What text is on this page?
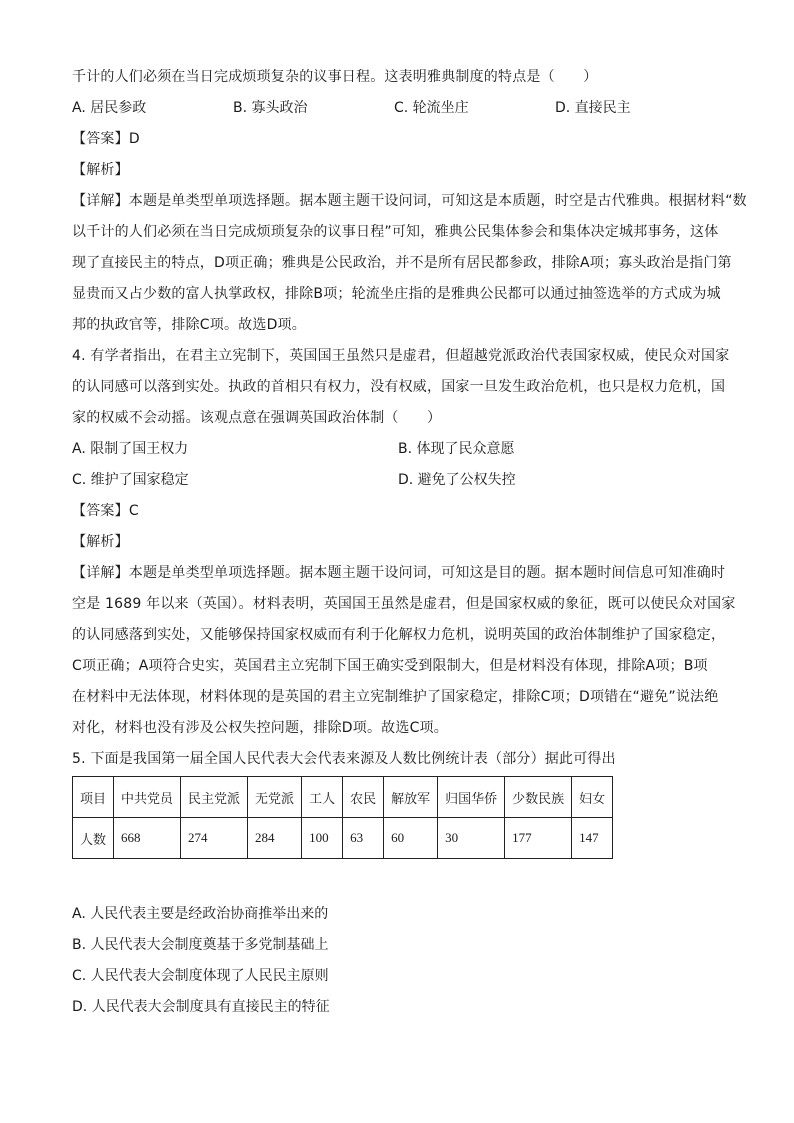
千计的人们必须在当日完成烦琐复杂的议事日程。这表明雅典制度的特点是（　　）
A. 居民参政	B. 寡头政治	C. 轮流坐庄	D. 直接民主
【答案】D
【解析】
【详解】本题是单类型单项选择题。据本题主题干设问词，可知这是本质题，时空是古代雅典。根据材料“数
以千计的人们必须在当日完成烦琐复杂的议事日程”可知，雅典公民集体参会和集体决定城邦事务，这体
现了直接民主的特点，D项正确；雅典是公民政治，并不是所有居民都参政，排除A项；寡头政治是指门第
显贵而又占少数的富人执掌政权，排除B项；轮流坐庄指的是雅典公民都可以通过抽签选举的方式成为城
邦的执政官等，排除C项。故选D项。
4. 有学者指出，在君主立宪制下，英国国王虽然只是虚君，但超越党派政治代表国家权威，使民众对国家
的认同感可以落到实处。执政的首相只有权力，没有权威，国家一旦发生政治危机，也只是权力危机，国
家的权威不会动摇。该观点意在强调英国政治体制（　　）
A. 限制了国王权力	B. 体现了民众意愿
C. 维护了国家稳定	D. 避免了公权失控
【答案】C
【解析】
【详解】本题是单类型单项选择题。据本题主题干设问词，可知这是目的题。据本题时间信息可知准确时
空是 1689 年以来（英国）。材料表明，英国国王虽然是虚君，但是国家权威的象征，既可以使民众对国家
的认同感落到实处，又能够保持国家权威而有利于化解权力危机，说明英国的政治体制维护了国家稳定，
C项正确；A项符合史实，英国君主立宪制下国王确实受到限制大，但是材料没有体现，排除A项；B项
在材料中无法体现，材料体现的是英国的君主立宪制维护了国家稳定，排除C项；D项错在“避免”说法绝
对化，材料也没有涉及公权失控问题，排除D项。故选C项。
5. 下面是我国第一届全国人民代表大会代表来源及人数比例统计表（部分）据此可得出
项目	中共党员	民主党派	无党派	工人	农民	解放军	归国华侨	少数民族	妇女
人数	668	274	284	100	63	60	30	177	147
A. 人民代表主要是经政治协商推举出来的
B. 人民代表大会制度奠基于多党制基础上
C. 人民代表大会制度体现了人民民主原则
D. 人民代表大会制度具有直接民主的特征
